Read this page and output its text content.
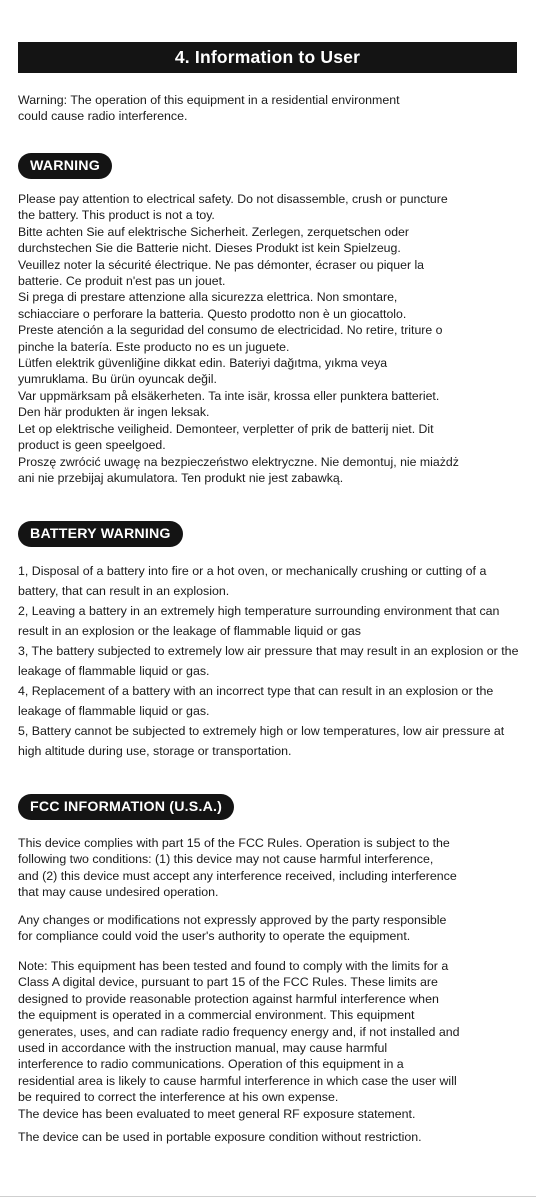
4. Information to User
Warning: The operation of this equipment in a residential environment
could cause radio interference.
WARNING
Please pay attention to electrical safety. Do not disassemble, crush or puncture
the battery. This product is not a toy.
Bitte achten Sie auf elektrische Sicherheit. Zerlegen, zerquetschen oder
durchstechen Sie die Batterie nicht. Dieses Produkt ist kein Spielzeug.
Veuillez noter la sécurité électrique. Ne pas démonter, écraser ou piquer la
batterie. Ce produit n'est pas un jouet.
Si prega di prestare attenzione alla sicurezza elettrica. Non smontare,
schiacciare o perforare la batteria. Questo prodotto non è un giocattolo.
Preste atención a la seguridad del consumo de electricidad. No retire, triture o
pinche la batería. Este producto no es un juguete.
Lütfen elektrik güvenliğine dikkat edin. Bateriyi dağıtma, yıkma veya
yumruklama. Bu ürün oyuncak değil.
Var uppmärksam på elsäkerheten. Ta inte isär, krossa eller punktera batteriet.
Den här produkten är ingen leksak.
Let op elektrische veiligheid. Demonteer, verpletter of prik de batterij niet. Dit
product is geen speelgoed.
Proszę zwrócić uwagę na bezpieczeństwo elektryczne. Nie demontuj, nie miażdż
ani nie przebijaj akumulatora. Ten produkt nie jest zabawką.
BATTERY WARNING
1, Disposal of a battery into fire or a hot oven, or mechanically crushing or cutting of a battery, that can result in an explosion.
2, Leaving a battery in an extremely high temperature surrounding environment that can result in an explosion or the leakage of flammable liquid or gas
3, The battery subjected to extremely low air pressure that may result in an explosion or the leakage of flammable liquid or gas.
4, Replacement of a battery with an incorrect type that can result in an explosion or the leakage of flammable liquid or gas.
5, Battery cannot be subjected to extremely high or low temperatures, low air pressure at high altitude during use, storage or transportation.
FCC INFORMATION (U.S.A.)
This device complies with part 15 of the FCC Rules. Operation is subject to the
following two conditions: (1) this device may not cause harmful interference,
and (2) this device must accept any interference received, including interference
that may cause undesired operation.
Any changes or modifications not expressly approved by the party responsible
for compliance could void the user's authority to operate the equipment.
Note: This equipment has been tested and found to comply with the limits for a
Class A digital device, pursuant to part 15 of the FCC Rules. These limits are
designed to provide reasonable protection against harmful interference when
the equipment is operated in a commercial environment. This equipment
generates, uses, and can radiate radio frequency energy and, if not installed and
used in accordance with the instruction manual, may cause harmful
interference to radio communications. Operation of this equipment in a
residential area is likely to cause harmful interference in which case the user will
be required to correct the interference at his own expense.
The device has been evaluated to meet general RF exposure statement.
The device can be used in portable exposure condition without restriction.
